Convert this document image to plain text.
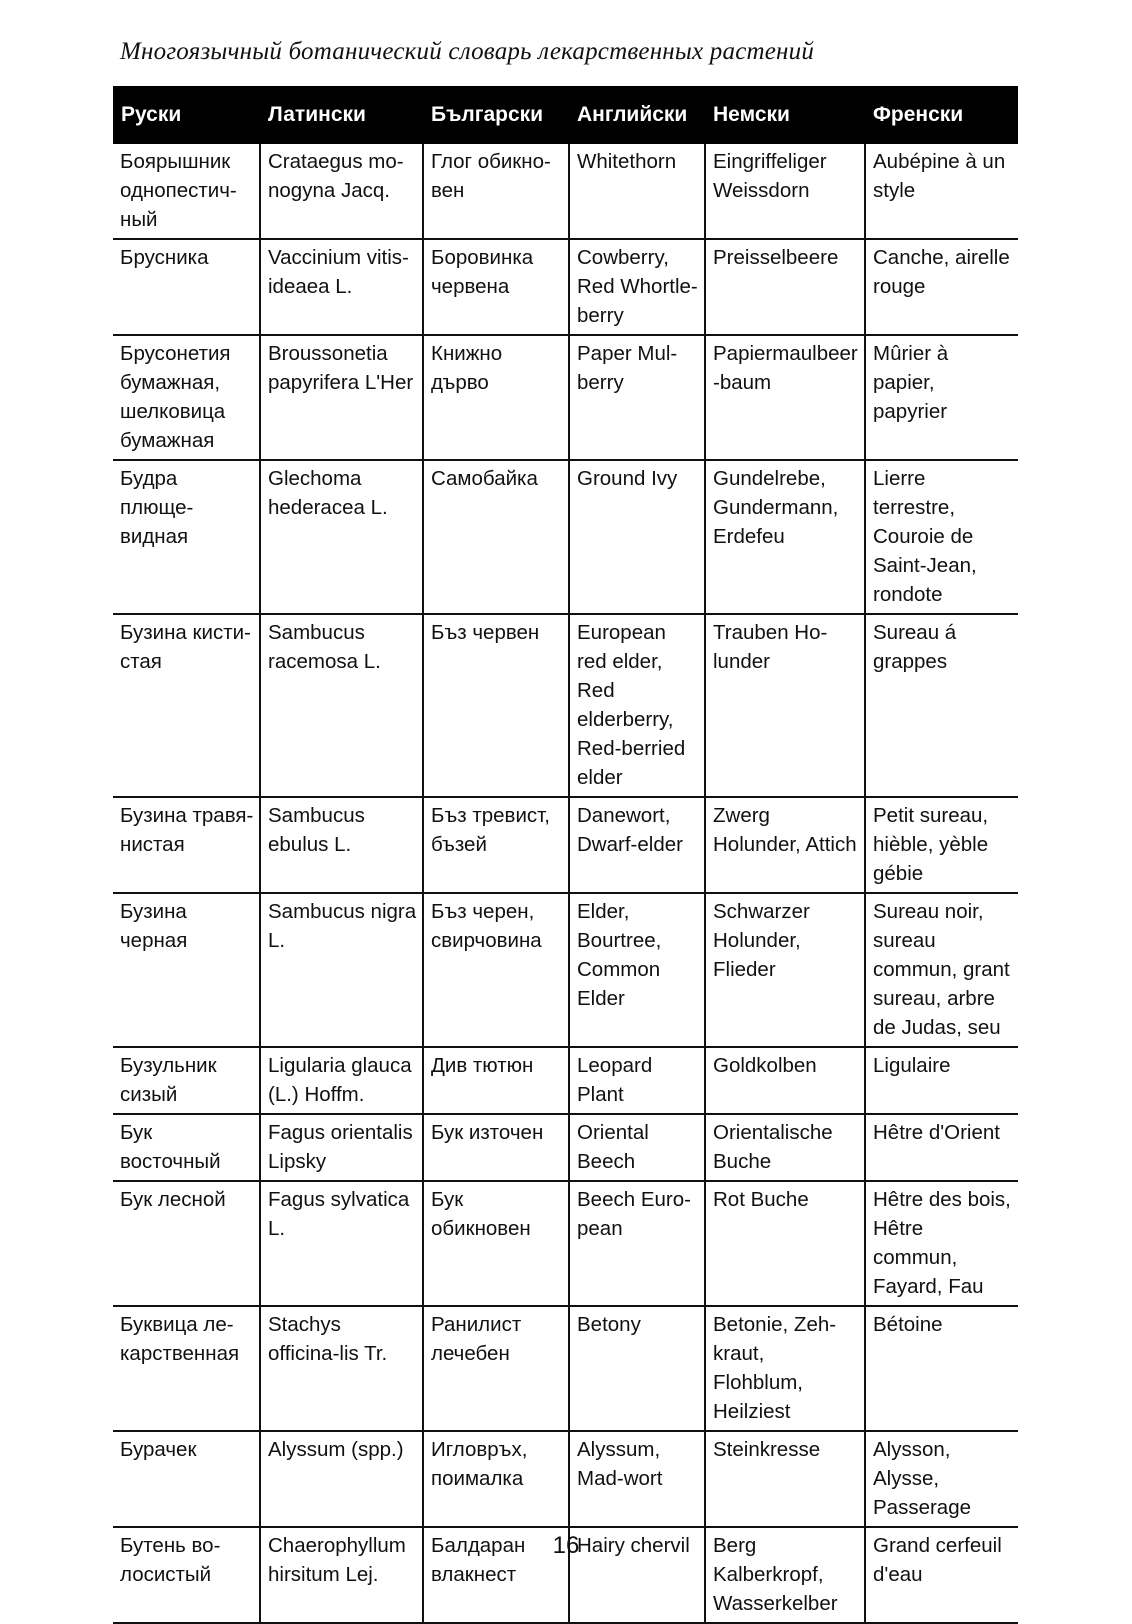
Многоязычный ботанический словарь лекарственных растений
Руски	Латински	Български	Английски	Немски	Френски
Боярышник однопестич-ный	Crataegus mo-nogyna Jacq.	Глог обикно-вен	Whitethorn	Eingriffeliger Weissdorn	Aubépine à un style
Брусника	Vaccinium vitis-ideaea L.	Боровинка червена	Cowberry, Red Whortle-berry	Preisselbeere	Canche, airelle rouge
Брусонетия бумажная, шелковица бумажная	Broussonetia papyrifera L'Her	Книжно дърво	Paper Mul-berry	Papiermaulbeer-baum	Mûrier à papier, papyrier
Будра плюще-видная	Glechoma hederacea L.	Самобайка	Ground Ivy	Gundelrebe, Gundermann, Erdefeu	Lierre terrestre, Couroie de Saint-Jean, rondote
Бузина кисти-стая	Sambucus racemosa L.	Бъз червен	European red elder, Red elderberry, Red-berried elder	Trauben Ho-lunder	Sureau á grappes
Бузина травя-нистая	Sambucus ebulus L.	Бъз тревист, бъзей	Danewort, Dwarf-elder	Zwerg Holunder, Attich	Petit sureau, hièble, yèble gébie
Бузина черная	Sambucus nigra L.	Бъз черен, свирчовина	Elder, Bourtree, Common Elder	Schwarzer Holunder, Flieder	Sureau noir, sureau commun, grant sureau, arbre de Judas, seu
Бузульник сизый	Ligularia glauca (L.) Hoffm.	Див тютюн	Leopard Plant	Goldkolben	Ligulaire
Бук восточный	Fagus orientalis Lipsky	Бук източен	Oriental Beech	Orientalische Buche	Hêtre d'Orient
Бук лесной	Fagus sylvatica L.	Бук обикновен	Beech Euro-pean	Rot Buche	Hêtre des bois, Hêtre commun, Fayard, Fau
Буквица ле-карственная	Stachys officina-lis Tr.	Ранилист лечебен	Betony	Betonie, Zeh-kraut, Flohblum, Heilziest	Bétoine
Бурачек	Alyssum (spp.)	Игловръх, поималка	Alyssum, Mad-wort	Steinkresse	Alysson, Alysse, Passerage
Бутень во-лосистый	Chaerophyllum hirsitum Lej.	Балдаран влакнест	Hairy chervil	Berg Kalberkropf, Wasserkelber	Grand cerfeuil d'eau
16
